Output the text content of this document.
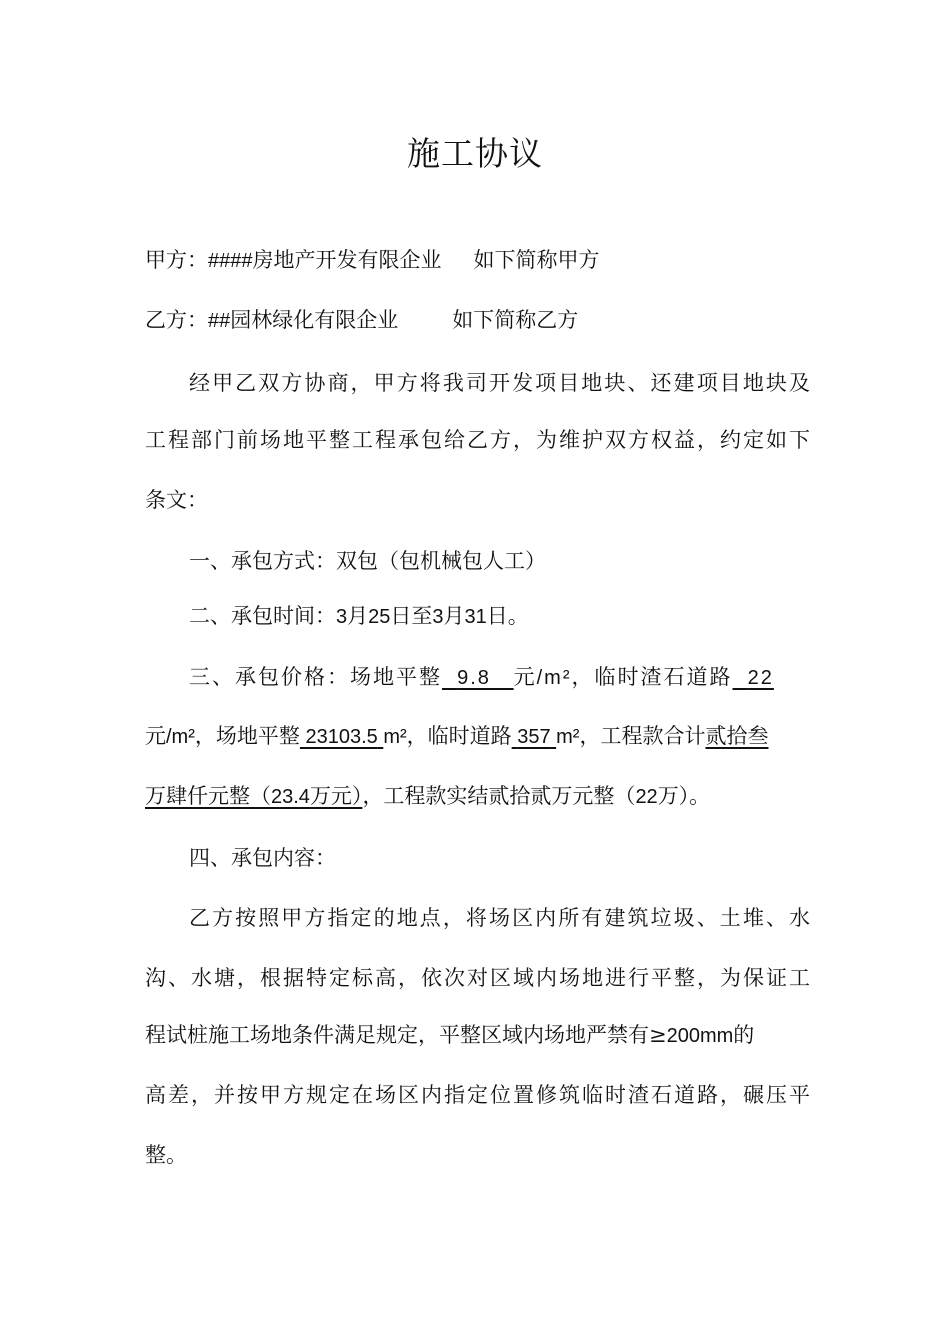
施工协议
甲方：####房地产开发有限企业 如下简称甲方
乙方：##园林绿化有限企业	如下简称乙方
经甲乙双方协商，甲方将我司开发项目地块、还建项目地块及
工程部门前场地平整工程承包给乙方，为维护双方权益，约定如下
条文：
一、承包方式：双包（包机械包人工）
二、承包时间：3月25日至3月31日。
三、承包价格：场地平整 9.8 元/m²，临时渣石道路 22
元/m²，场地平整 23103.5 m²，临时道路 357 m²，工程款合计贰拾叁
万肆仟元整（23.4万元），工程款实结贰拾贰万元整（22万）。
四、承包内容：
乙方按照甲方指定的地点，将场区内所有建筑垃圾、土堆、水
沟、水塘，根据特定标高，依次对区域内场地进行平整，为保证工
程试桩施工场地条件满足规定，平整区域内场地严禁有≥200mm的
高差，并按甲方规定在场区内指定位置修筑临时渣石道路，碾压平
整。
